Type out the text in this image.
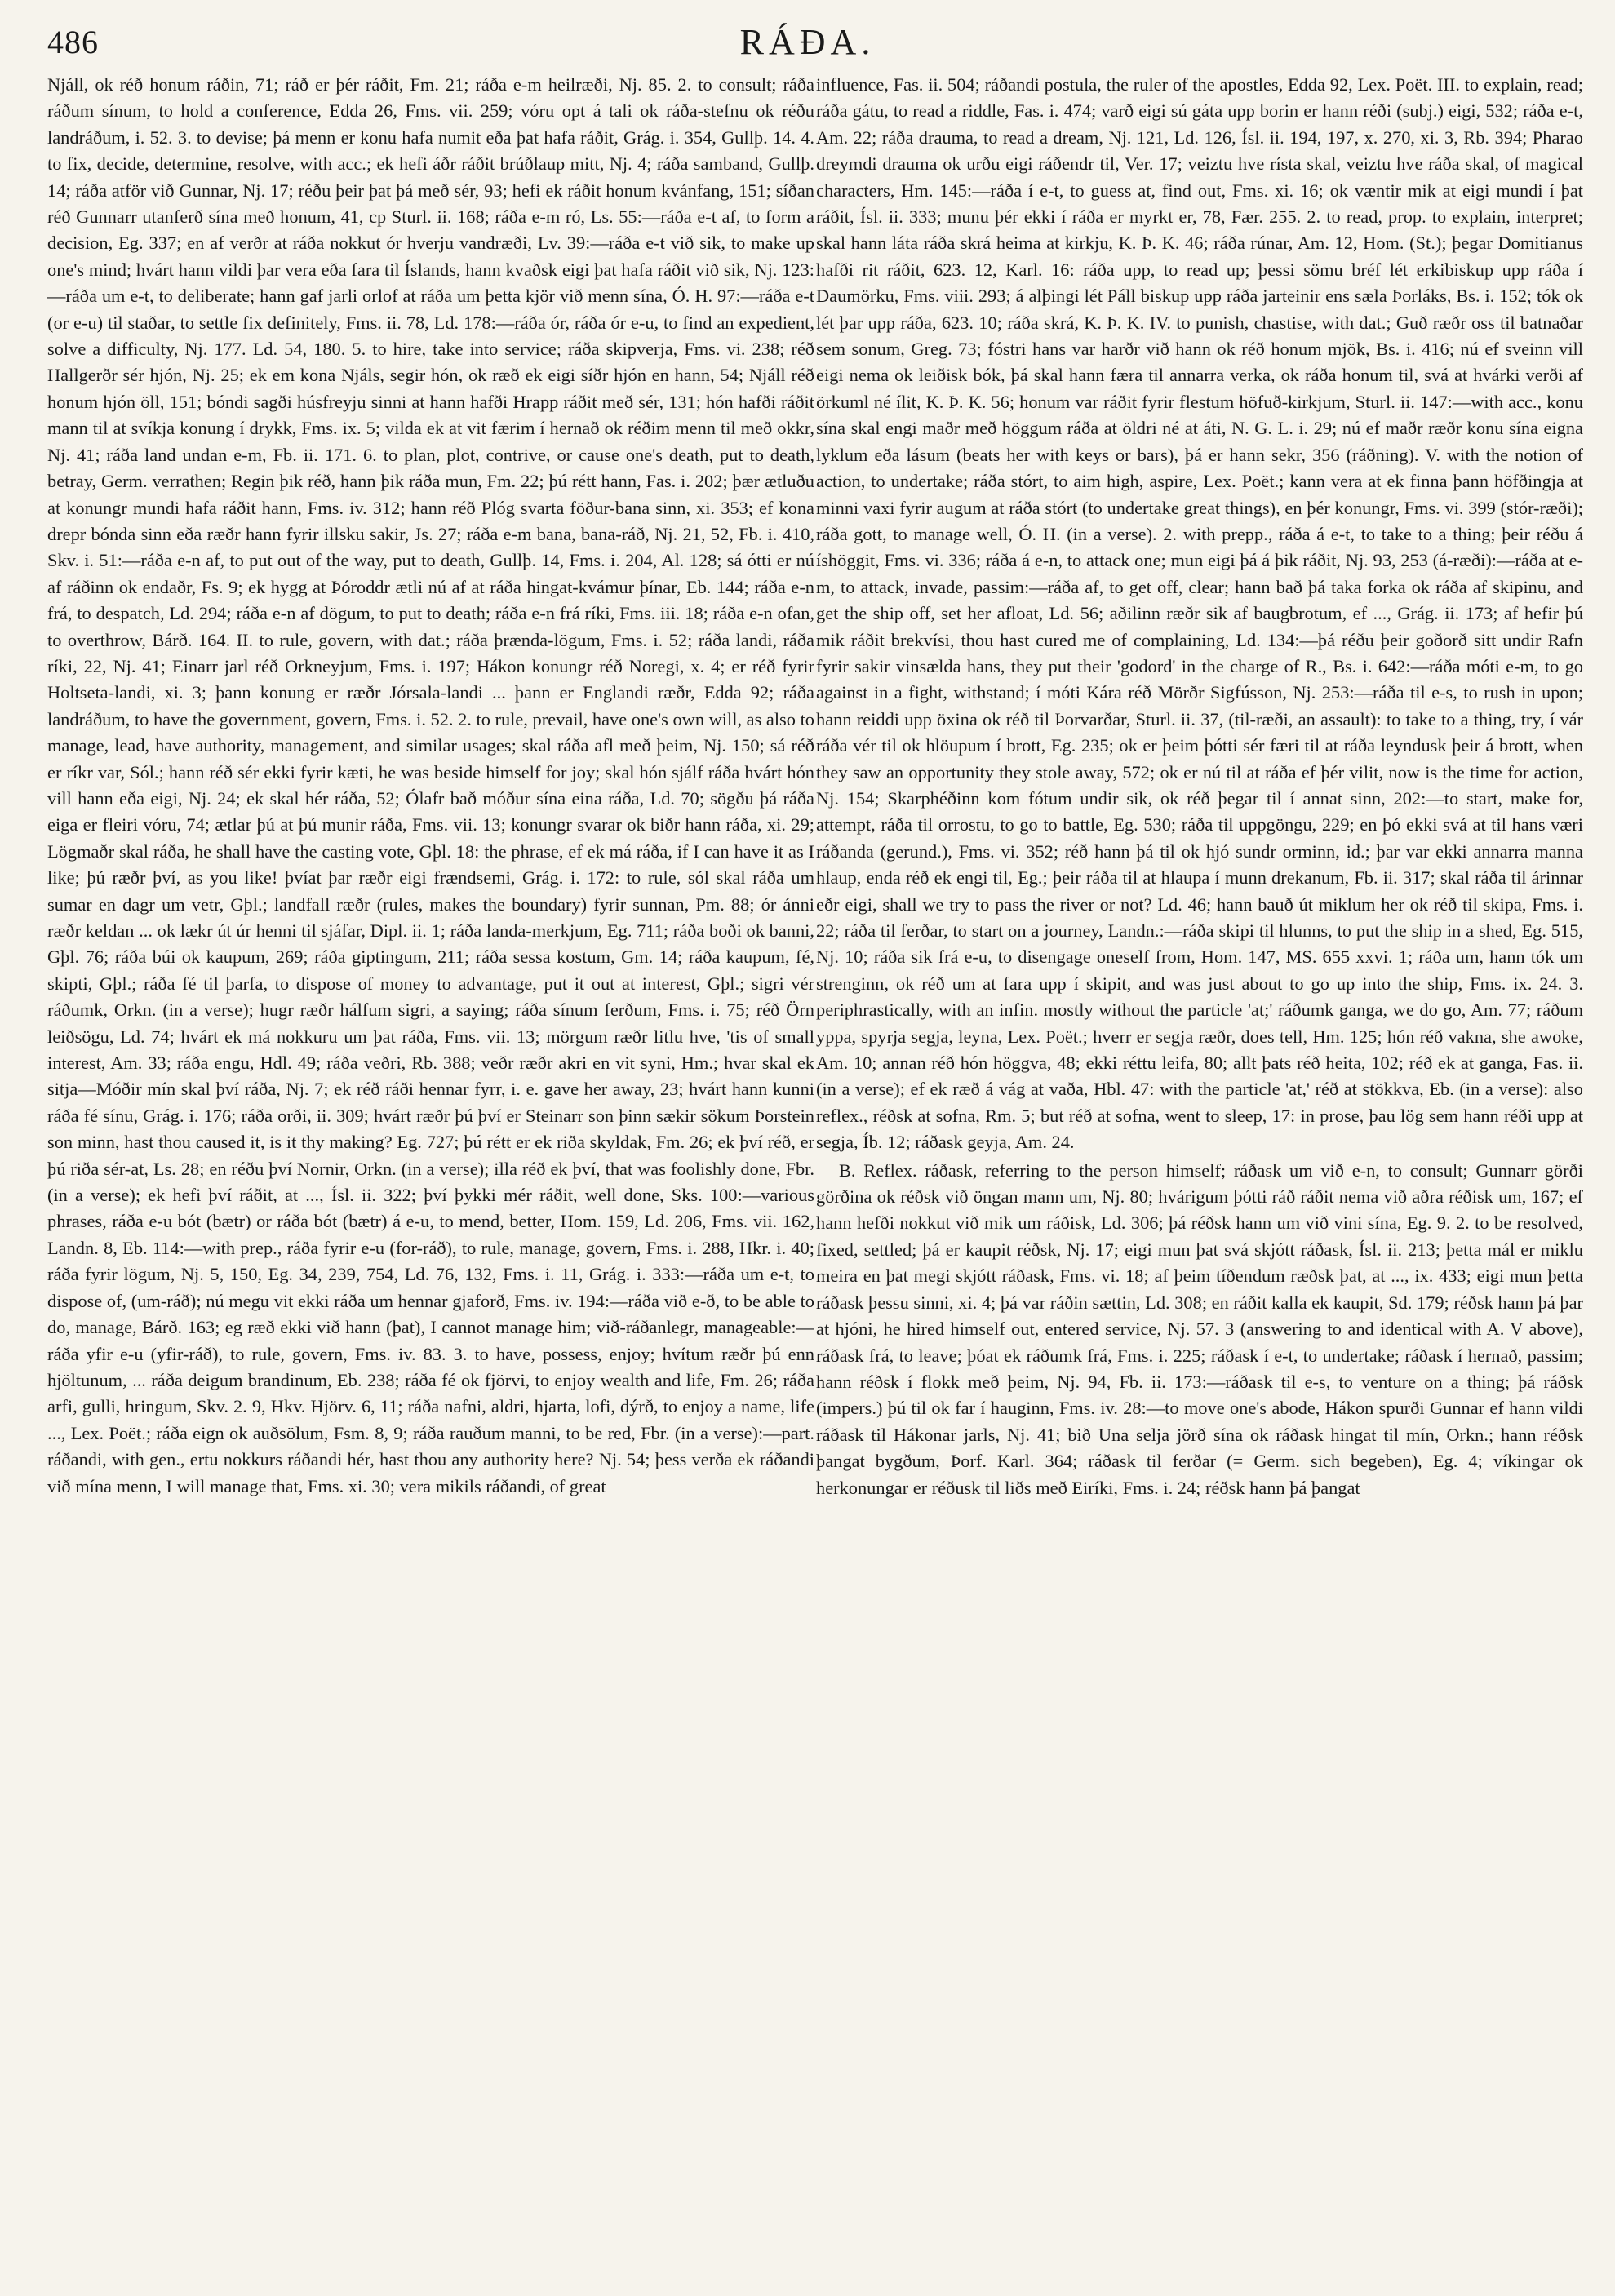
486	RÁÐA.

Njáll, ok réð honum ráðin, 71; ráð er þér ráðit, Fm. 21; ráða e-m heilræði, Nj. 85. 2. to consult; ráða ráðum sínum, to hold a conference, Edda 26, Fms. vii. 259; vóru opt á tali ok ráða-stefnu ok réðu landráðum, i. 52. 3. to devise; þá menn er konu hafa numit eða þat hafa ráðit, Grág. i. 354, Gullþ. 14. 4. to fix, decide, determine, resolve, with acc.; ek hefi áðr ráðit brúðlaup mitt, Nj. 4; ráða samband, Gullþ. 14; ráða atför við Gunnar, Nj. 17; réðu þeir þat þá með sér, 93; hefi ek ráðit honum kvánfang, 151; síðan réð Gunnarr utanferð sína með honum, 41, cp Sturl. ii. 168; ráða e-m ró, Ls. 55:—ráða e-t af, to form a decision, Eg. 337; en af verðr at ráða nokkut ór hverju vandræði, Lv. 39:—ráða e-t við sik, to make up one's mind; hvárt hann vildi þar vera eða fara til Íslands, hann kvaðsk eigi þat hafa ráðit við sik, Nj. 123:—ráða um e-t, to deliberate; hann gaf jarli orlof at ráða um þetta kjör við menn sína, Ó. H. 97:—ráða e-t (or e-u) til staðar, to settle fix definitely, Fms. ii. 78, Ld. 178:—ráða ór, ráða ór e-u, to find an expedient, solve a difficulty, Nj. 177. Ld. 54, 180. 5. to hire, take into service; ráða skipverja, Fms. vi. 238; réð Hallgerðr sér hjón, Nj. 25; ek em kona Njáls, segir hón, ok ræð ek eigi síðr hjón en hann, 54; Njáll réð honum hjón öll, 151; bóndi sagði húsfreyju sinni at hann hafði Hrapp ráðit með sér, 131; hón hafði ráðit mann til at svíkja konung í drykk, Fms. ix. 5; vilda ek at vit færim í hernað ok réðim menn til með okkr, Nj. 41; ráða land undan e-m, Fb. ii. 171. 6. to plan, plot, contrive, or cause one's death, put to death, betray, Germ. verrathen; Regin þik réð, hann þik ráða mun, Fm. 22; þú rétt hann, Fas. i. 202; þær ætluðu at konungr mundi hafa ráðit hann, Fms. iv. 312; hann réð Plóg svarta föður-bana sinn, xi. 353; ef kona drepr bónda sinn eða ræðr hann fyrir illsku sakir, Js. 27; ráða e-m bana, bana-ráð, Nj. 21, 52, Fb. i. 410, Skv. i. 51:—ráða e-n af, to put out of the way, put to death, Gullþ. 14, Fms. i. 204, Al. 128; sá ótti er nú af ráðinn ok endaðr, Fs. 9; ek hygg at Þóroddr ætli nú af at ráða hingat-kvámur þínar, Eb. 144; ráða e-n frá, to despatch, Ld. 294; ráða e-n af dögum, to put to death; ráða e-n frá ríki, Fms. iii. 18; ráða e-n ofan, to overthrow, Bárð. 164. II. to rule, govern, with dat.; ráða þrænda-lögum, Fms. i. 52; ráða landi, ráða ríki, 22, Nj. 41; Einarr jarl réð Orkneyjum, Fms. i. 197; Hákon konungr réð Noregi, x. 4; er réð fyrir Holtseta-landi, xi. 3; þann konung er ræðr Jórsala-landi ... þann er Englandi ræðr, Edda 92; ráða landráðum, to have the government, govern, Fms. i. 52. 2. to rule, prevail, have one's own will, as also to manage, lead, have authority, management, and similar usages; skal ráða afl með þeim, Nj. 150; sá réð er ríkr var, Sól.; hann réð sér ekki fyrir kæti, he was beside himself for joy; skal hón sjálf ráða hvárt hón vill hann eða eigi, Nj. 24; ek skal hér ráða, 52; Ólafr bað móður sína eina ráða, Ld. 70; sögðu þá ráða eiga er fleiri vóru, 74; ætlar þú at þú munir ráða, Fms. vii. 13; konungr svarar ok biðr hann ráða, xi. 29; Lögmaðr skal ráða, he shall have the casting vote, Gþl. 18: the phrase, ef ek má ráða, if I can have it as I like; þú ræðr því, as you like! þvíat þar ræðr eigi frændsemi, Grág. i. 172: to rule, sól skal ráða um sumar en dagr um vetr, Gþl.; landfall ræðr (rules, makes the boundary) fyrir sunnan, Pm. 88; ór ánni ræðr keldan ... ok lækr út úr henni til sjáfar, Dipl. ii. 1; ráða landa-merkjum, Eg. 711; ráða boði ok banni, Gþl. 76; ráða búi ok kaupum, 269; ráða giptingum, 211; ráða sessa kostum, Gm. 14; ráða kaupum, fé, skipti, Gþl.; ráða fé til þarfa, to dispose of money to advantage, put it out at interest, Gþl.; sigri vér ráðumk, Orkn. (in a verse); hugr ræðr hálfum sigri, a saying; ráða sínum ferðum, Fms. i. 75; réð Örn leiðsögu, Ld. 74; hvárt ek má nokkuru um þat ráða, Fms. vii. 13; mörgum ræðr litlu hve, 'tis of small interest, Am. 33; ráða engu, Hdl. 49; ráða veðri, Rb. 388; veðr ræðr akri en vit syni, Hm.; hvar skal ek sitja—Móðir mín skal því ráða, Nj. 7; ek réð ráði hennar fyrr, i. e. gave her away, 23; hvárt hann kunni ráða fé sínu, Grág. i. 176; ráða orði, ii. 309; hvárt ræðr þú því er Steinarr son þinn sækir sökum Þorstein son minn, hast thou caused it, is it thy making? Eg. 727; þú rétt er ek riða skyldak, Fm. 26; ek því réð, er þú riða sér-at, Ls. 28; en réðu því Nornir, Orkn. (in a verse); illa réð ek því, that was foolishly done, Fbr. (in a verse); ek hefi því ráðit, at ..., Ísl. ii. 322; því þykki mér ráðit, well done, Sks. 100:—various phrases, ráða e-u bót (bætr) or ráða bót (bætr) á e-u, to mend, better, Hom. 159, Ld. 206, Fms. vii. 162, Landn. 8, Eb. 114:—with prep., ráða fyrir e-u (for-ráð), to rule, manage, govern, Fms. i. 288, Hkr. i. 40; ráða fyrir lögum, Nj. 5, 150, Eg. 34, 239, 754, Ld. 76, 132, Fms. i. 11, Grág. i. 333:—ráða um e-t, to dispose of, (um-ráð); nú megu vit ekki ráða um hennar gjaforð, Fms. iv. 194:—ráða við e-ð, to be able to do, manage, Bárð. 163; eg ræð ekki við hann (þat), I cannot manage him; við-ráðanlegr, manageable:—ráða yfir e-u (yfir-ráð), to rule, govern, Fms. iv. 83. 3. to have, possess, enjoy; hvítum ræðr þú enn hjöltunum, ... ráða deigum brandinum, Eb. 238; ráða fé ok fjörvi, to enjoy wealth and life, Fm. 26; ráða arfi, gulli, hringum, Skv. 2. 9, Hkv. Hjörv. 6, 11; ráða nafni, aldri, hjarta, lofi, dýrð, to enjoy a name, life ..., Lex. Poët.; ráða eign ok auðsölum, Fsm. 8, 9; ráða rauðum manni, to be red, Fbr. (in a verse):—part. ráðandi, with gen., ertu nokkurs ráðandi hér, hast thou any authority here? Nj. 54; þess verða ek ráðandi við mína menn, I will manage that, Fms. xi. 30; vera mikils ráðandi, of great

influence, Fas. ii. 504; ráðandi postula, the ruler of the apostles, Edda 92, Lex. Poët. III. to explain, read; ráða gátu, to read a riddle, Fas. i. 474; varð eigi sú gáta upp borin er hann réði (subj.) eigi, 532; ráða e-t, Am. 22; ráða drauma, to read a dream, Nj. 121, Ld. 126, Ísl. ii. 194, 197, x. 270, xi. 3, Rb. 394; Pharao dreymdi drauma ok urðu eigi ráðendr til, Ver. 17; veiztu hve rísta skal, veiztu hve ráða skal, of magical characters, Hm. 145:—ráða í e-t, to guess at, find out, Fms. xi. 16; ok væntir mik at eigi mundi í þat ráðit, Ísl. ii. 333; munu þér ekki í ráða er myrkt er, 78, Fær. 255. 2. to read, prop. to explain, interpret; skal hann láta ráða skrá heima at kirkju, K. Þ. K. 46; ráða rúnar, Am. 12, Hom. (St.); þegar Domitianus hafði rit ráðit, 623. 12, Karl. 16: ráða upp, to read up; þessi sömu bréf lét erkibiskup upp ráða í Daumörku, Fms. viii. 293; á alþingi lét Páll biskup upp ráða jarteinir ens sæla Þorláks, Bs. i. 152; tók ok lét þar upp ráða, 623. 10; ráða skrá, K. Þ. K. IV. to punish, chastise, with dat.; Guð ræðr oss til batnaðar sem sonum, Greg. 73; fóstri hans var harðr við hann ok réð honum mjök, Bs. i. 416; nú ef sveinn vill eigi nema ok leiðisk bók, þá skal hann færa til annarra verka, ok ráða honum til, svá at hvárki verði af örkuml né ílit, K. Þ. K. 56; honum var ráðit fyrir flestum höfuð-kirkjum, Sturl. ii. 147:—with acc., konu sína skal engi maðr með höggum ráða at öldri né at áti, N. G. L. i. 29; nú ef maðr ræðr konu sína eigna lyklum eða lásum (beats her with keys or bars), þá er hann sekr, 356 (ráðning). V. with the notion of action, to undertake; ráða stórt, to aim high, aspire, Lex. Poët.; kann vera at ek finna þann höfðingja at minni vaxi fyrir augum at ráða stórt (to undertake great things), en þér konungr, Fms. vi. 399 (stór-ræði); ráða gott, to manage well, Ó. H. (in a verse). 2. with prepp., ráða á e-t, to take to a thing; þeir réðu á íshöggit, Fms. vi. 336; ráða á e-n, to attack one; mun eigi þá á þik ráðit, Nj. 93, 253 (á-ræði):—ráða at e-m, to attack, invade, passim:—ráða af, to get off, clear; hann bað þá taka forka ok ráða af skipinu, and get the ship off, set her afloat, Ld. 56; aðilinn ræðr sik af baugbrotum, ef ..., Grág. ii. 173; af hefir þú mik ráðit brekvísi, thou hast cured me of complaining, Ld. 134:—þá réðu þeir goðorð sitt undir Rafn fyrir sakir vinsælda hans, they put their 'godord' in the charge of R., Bs. i. 642:—ráða móti e-m, to go against in a fight, withstand; í móti Kára réð Mörðr Sigfússon, Nj. 253:—ráða til e-s, to rush in upon; hann reiddi upp öxina ok réð til Þorvarðar, Sturl. ii. 37, (til-ræði, an assault): to take to a thing, try, í vár ráða vér til ok hlöupum í brott, Eg. 235; ok er þeim þótti sér færi til at ráða leyndusk þeir á brott, when they saw an opportunity they stole away, 572; ok er nú til at ráða ef þér vilit, now is the time for action, Nj. 154; Skarphéðinn kom fótum undir sik, ok réð þegar til í annat sinn, 202:—to start, make for, attempt, ráða til orrostu, to go to battle, Eg. 530; ráða til uppgöngu, 229; en þó ekki svá at til hans væri ráðanda (gerund.), Fms. vi. 352; réð hann þá til ok hjó sundr orminn, id.; þar var ekki annarra manna hlaup, enda réð ek engi til, Eg.; þeir ráða til at hlaupa í munn drekanum, Fb. ii. 317; skal ráða til árinnar eðr eigi, shall we try to pass the river or not? Ld. 46; hann bauð út miklum her ok réð til skipa, Fms. i. 22; ráða til ferðar, to start on a journey, Landn.:—ráða skipi til hlunns, to put the ship in a shed, Eg. 515, Nj. 10; ráða sik frá e-u, to disengage oneself from, Hom. 147, MS. 655 xxvi. 1; ráða um, hann tók um strenginn, ok réð um at fara upp í skipit, and was just about to go up into the ship, Fms. ix. 24. 3. periphrastically, with an infin. mostly without the particle 'at;' ráðumk ganga, we do go, Am. 77; ráðum yppa, spyrja segja, leyna, Lex. Poët.; hverr er segja ræðr, does tell, Hm. 125; hón réð vakna, she awoke, Am. 10; annan réð hón höggva, 48; ekki réttu leifa, 80; allt þats réð heita, 102; réð ek at ganga, Fas. ii. (in a verse); ef ek ræð á vág at vaða, Hbl. 47: with the particle 'at,' réð at stökkva, Eb. (in a verse): also reflex., réðsk at sofna, Rm. 5; but réð at sofna, went to sleep, 17: in prose, þau lög sem hann réði upp at segja, Íb. 12; ráðask geyja, Am. 24.

B. Reflex. ráðask, referring to the person himself; ráðask um við e-n, to consult; Gunnarr görði görðina ok réðsk við öngan mann um, Nj. 80; hvárigum þótti ráð ráðit nema við aðra réðisk um, 167; ef hann hefði nokkut við mik um ráðisk, Ld. 306; þá réðsk hann um við vini sína, Eg. 9. 2. to be resolved, fixed, settled; þá er kaupit réðsk, Nj. 17; eigi mun þat svá skjótt ráðask, Ísl. ii. 213; þetta mál er miklu meira en þat megi skjótt ráðask, Fms. vi. 18; af þeim tíðendum ræðsk þat, at ..., ix. 433; eigi mun þetta ráðask þessu sinni, xi. 4; þá var ráðin sættin, Ld. 308; en ráðit kalla ek kaupit, Sd. 179; réðsk hann þá þar at hjóni, he hired himself out, entered service, Nj. 57. 3 (answering to and identical with A. V above), ráðask frá, to leave; þóat ek ráðumk frá, Fms. i. 225; ráðask í e-t, to undertake; ráðask í hernað, passim; hann réðsk í flokk með þeim, Nj. 94, Fb. ii. 173:—ráðask til e-s, to venture on a thing; þá ráðsk (impers.) þú til ok far í hauginn, Fms. iv. 28:—to move one's abode, Hákon spurði Gunnar ef hann vildi ráðask til Hákonar jarls, Nj. 41; bið Una selja jörð sína ok ráðask hingat til mín, Orkn.; hann réðsk þangat bygðum, Þorf. Karl. 364; ráðask til ferðar (= Germ. sich begeben), Eg. 4; víkingar ok herkonungar er réðusk til liðs með Eiríki, Fms. i. 24; réðsk hann þá þangat
